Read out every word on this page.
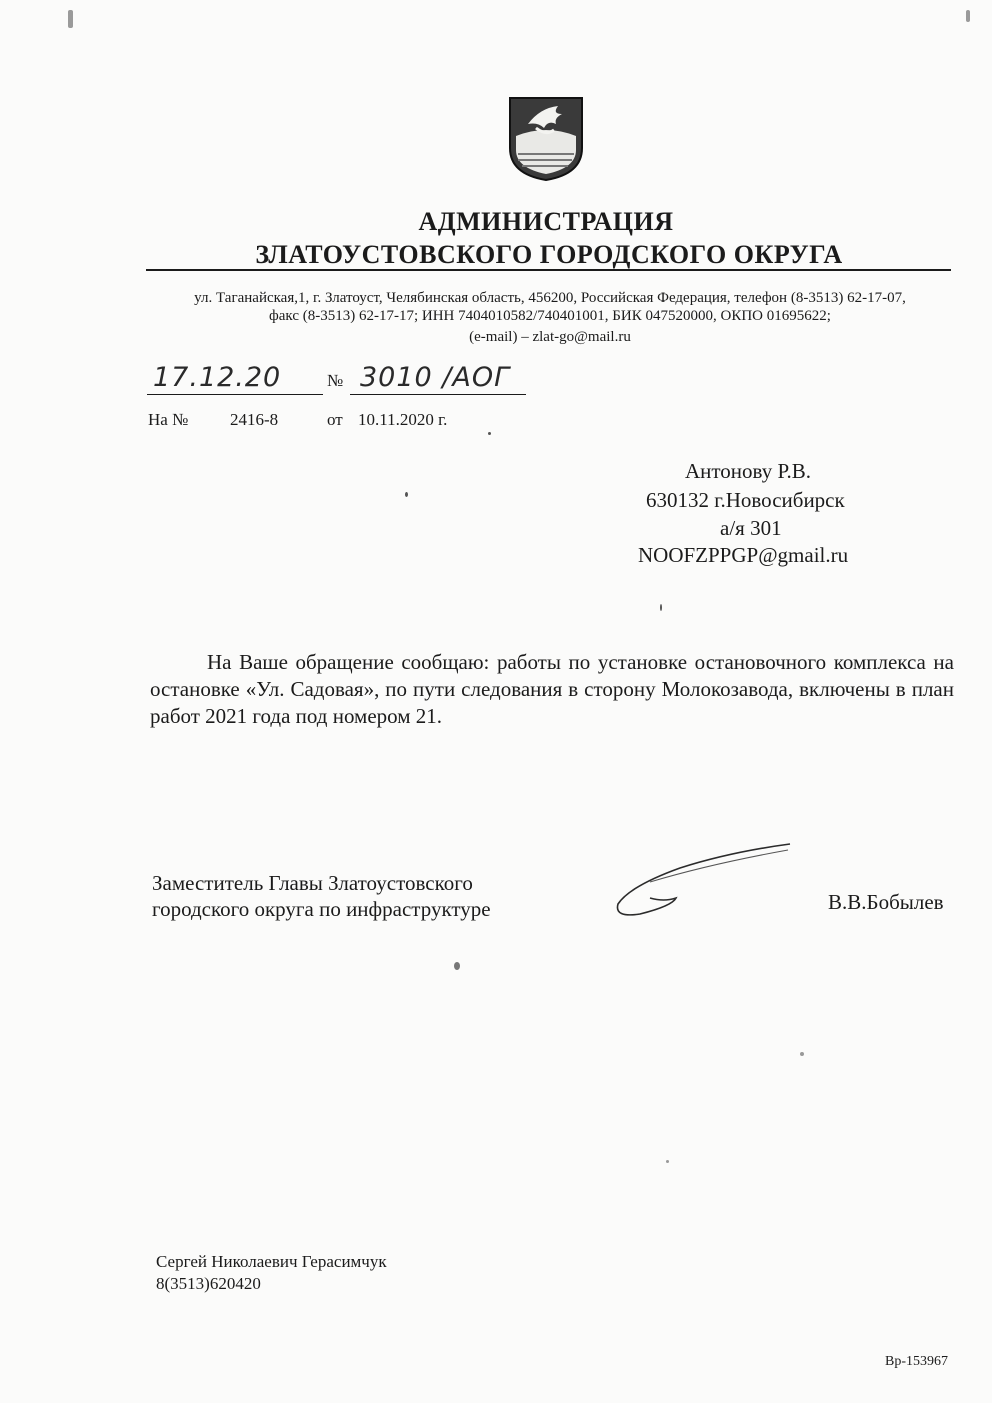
АДМИНИСТРАЦИЯ
ЗЛАТОУСТОВСКОГО ГОРОДСКОГО ОКРУГА
ул. Таганайская,1, г. Златоуст, Челябинская область, 456200, Российская Федерация, телефон (8-3513) 62-17-07,
факс (8-3513) 62-17-17; ИНН 7404010582/740401001, БИК 047520000, ОКПО 01695622;
(e-mail) – zlat-go@mail.ru
17.12.20	№ 3010 /АОГ
На № 2416-8	от 10.11.2020 г.
Антонову Р.В.
630132 г.Новосибирск
а/я 301
NOOFZPPGP@gmail.ru
На Ваше обращение сообщаю: работы по установке остановочного комплекса на остановке «Ул. Садовая», по пути следования в сторону Молокозавода, включены в план работ 2021 года под номером 21.
Заместитель Главы Златоустовского
городского округа по инфраструктуре	В.В.Бобылев
Сергей Николаевич Герасимчук
8(3513)620420
Вр-153967
